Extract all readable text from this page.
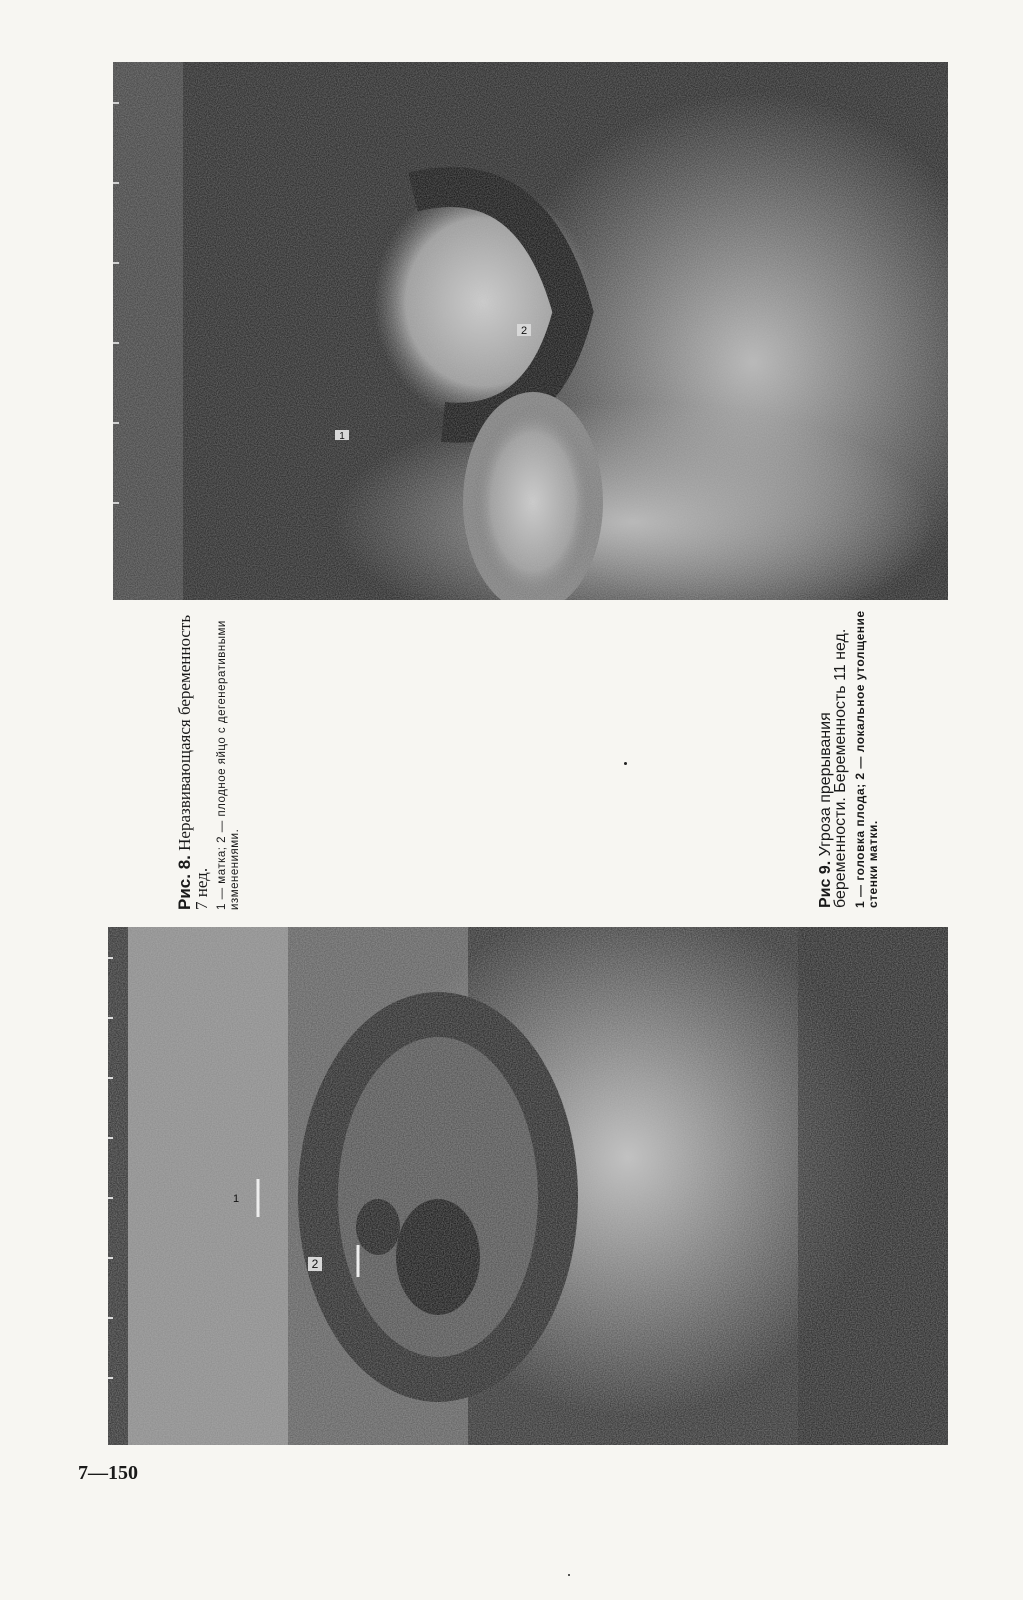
1
2
1
2
Рис. 8. Неразвивающаяся беременность 7 нед. 1 — матка; 2 — плодное яйцо с дегенеративными изменениями.	Рис 9. Угроза прерывания беременности. Беременность 11 нед. 1 — головка плода; 2 — локальное утолщение стенки матки.
7—150
